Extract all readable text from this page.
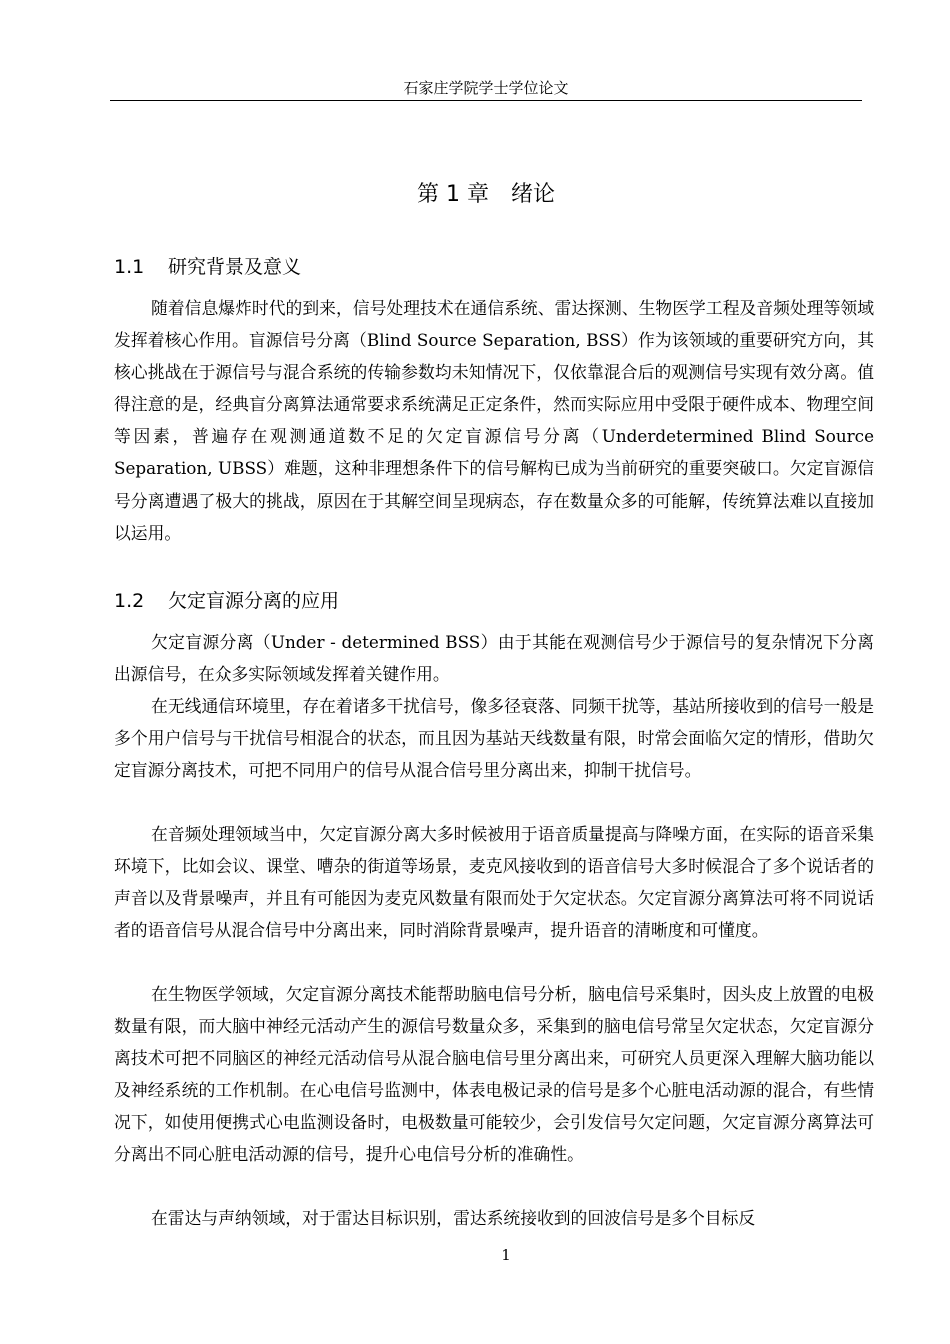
石家庄学院学士学位论文
第 1 章 绪论
1.1 研究背景及意义

随着信息爆炸时代的到来，信号处理技术在通信系统、雷达探测、生物医学工程及音频处理等领域发挥着核心作用。盲源信号分离（Blind Source Separation, BSS）作为该领域的重要研究方向，其核心挑战在于源信号与混合系统的传输参数均未知情况下，仅依靠混合后的观测信号实现有效分离。值得注意的是，经典盲分离算法通常要求系统满足正定条件，然而实际应用中受限于硬件成本、物理空间等因素，普遍存在观测通道数不足的欠定盲源信号分离（Underdetermined Blind Source Separation, UBSS）难题，这种非理想条件下的信号解构已成为当前研究的重要突破口。欠定盲源信号分离遭遇了极大的挑战，原因在于其解空间呈现病态，存在数量众多的可能解，传统算法难以直接加以运用。

1.2 欠定盲源分离的应用

欠定盲源分离（Under - determined BSS）由于其能在观测信号少于源信号的复杂情况下分离出源信号，在众多实际领域发挥着关键作用。

在无线通信环境里，存在着诸多干扰信号，像多径衰落、同频干扰等，基站所接收到的信号一般是多个用户信号与干扰信号相混合的状态，而且因为基站天线数量有限，时常会面临欠定的情形，借助欠定盲源分离技术，可把不同用户的信号从混合信号里分离出来，抑制干扰信号。

在音频处理领域当中，欠定盲源分离大多时候被用于语音质量提高与降噪方面，在实际的语音采集环境下，比如会议、课堂、嘈杂的街道等场景，麦克风接收到的语音信号大多时候混合了多个说话者的声音以及背景噪声，并且有可能因为麦克风数量有限而处于欠定状态。欠定盲源分离算法可将不同说话者的语音信号从混合信号中分离出来，同时消除背景噪声，提升语音的清晰度和可懂度。

在生物医学领域，欠定盲源分离技术能帮助脑电信号分析，脑电信号采集时，因头皮上放置的电极数量有限，而大脑中神经元活动产生的源信号数量众多，采集到的脑电信号常呈欠定状态，欠定盲源分离技术可把不同脑区的神经元活动信号从混合脑电信号里分离出来，可研究人员更深入理解大脑功能以及神经系统的工作机制。在心电信号监测中，体表电极记录的信号是多个心脏电活动源的混合，有些情况下，如使用便携式心电监测设备时，电极数量可能较少，会引发信号欠定问题，欠定盲源分离算法可分离出不同心脏电活动源的信号，提升心电信号分析的准确性。

在雷达与声纳领域，对于雷达目标识别，雷达系统接收到的回波信号是多个目标反

1
